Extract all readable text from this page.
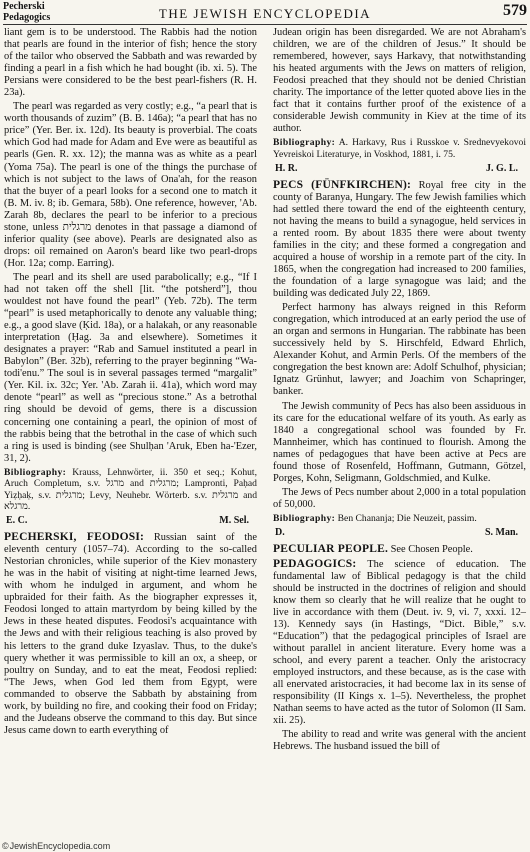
Pecherski
Pedagogics	THE JEWISH ENCYCLOPEDIA	579

liant gem is to be understood. The Rabbis had the notion that pearls are found in the interior of fish; hence the story of the tailor who observed the Sabbath and was rewarded by finding a pearl in a fish which he had bought (ib. xi. 5). The Persians were considered to be the best pearl-fishers (R. H. 23a).

The pearl was regarded as very costly; e.g., “a pearl that is worth thousands of zuzim” (B. B. 146a); “a pearl that has no price” (Yer. Ber. ix. 12d). Its beauty is proverbial. The coats which God had made for Adam and Eve were as beautiful as pearls (Gen. R. xx. 12); the manna was as white as a pearl (Yoma 75a). The pearl is one of the things the purchase of which is not subject to the laws of Ona'ah, for the reason that the buyer of a pearl looks for a second one to match it (B. M. iv. 8; ib. Gemara, 58b). One reference, however, 'Ab. Zarah 8b, declares the pearl to be inferior to a precious stone, unless מרגלית denotes in that passage a diamond of inferior quality (see above). Pearls are designated also as drops: oil remained on Aaron's beard like two pearl-drops (Hor. 12a; comp. Earring).

The pearl and its shell are used parabolically; e.g., “If I had not taken off the shell [lit. “the potsherd”], thou wouldest not have found the pearl” (Yeb. 72b). The term “pearl” is used metaphorically to denote any valuable thing; e.g., a good slave (Ḳid. 18a), or a halakah, or any reasonable interpretation (Ḥag. 3a and elsewhere). Sometimes it designates a prayer: “Rab and Samuel instituted a pearl in Babylon” (Ber. 32b), referring to the prayer beginning “Wa-todi'enu.” The soul is in several passages termed “margalit” (Yer. Kil. ix. 32c; Yer. 'Ab. Zarah ii. 41a), which word may denote “pearl” as well as “precious stone.” As a betrothal ring should be devoid of gems, there is a discussion concerning one containing a pearl, the opinion of most of the rabbis being that the betrothal in the case of which such a ring is used is binding (see Shulḥan 'Aruk, Eben ha-'Ezer, 31, 2).

Bibliography: Krauss, Lehnwörter, ii. 350 et seq.; Kohut, Aruch Completum, s.v. מרגל and מרגלית; Lampronti, Paḥad Yiẓḥaḳ, s.v. מרגלית; Levy, Neuhebr. Wörterb. s.v. מרגלית and מרגלא.
E. C.	M. Sel.

PECHERSKI, FEODOSI: Russian saint of the eleventh century (1057–74). According to the so-called Nestorian chronicles, while superior of the Kiev monastery he was in the habit of visiting at night-time learned Jews, with whom he indulged in argument, and whom he upbraided for their faith. As the biographer expresses it, Feodosi longed to attain martyrdom by being killed by the Jews in these heated disputes. Feodosi's acquaintance with the Jews and with their religious teaching is also proved by his letters to the grand duke Izyaslav. Thus, to the duke's query whether it was permissible to kill an ox, a sheep, or poultry on Sunday, and to eat the meat, Feodosi replied: “The Jews, when God led them from Egypt, were commanded to observe the Sabbath by abstaining from work, by building no fire, and cooking their food on Friday; and the Judeans observe the command to this day. But since Jesus came down to earth everything of

Judean origin has been disregarded. We are not Abraham's children, we are of the children of Jesus.” It should be remembered, however, says Harkavy, that notwithstanding his heated arguments with the Jews on matters of religion, Feodosi preached that they should not be denied Christian charity. The importance of the letter quoted above lies in the fact that it contains further proof of the existence of a considerable Jewish community in Kiev at the time of its author.

Bibliography: A. Harkavy, Rus i Russkoe v. Srednevyekovoi Yevreiskoi Literaturye, in Voskhod, 1881, i. 75.
H. R.	J. G. L.

PECS (FÜNFKIRCHEN): Royal free city in the county of Baranya, Hungary. The few Jewish families which had settled there toward the end of the eighteenth century, not having the means to build a synagogue, held services in a rented room. By about 1835 there were about twenty families in the city; and these formed a congregation and acquired a house of worship in a remote part of the city. In 1865, when the congregation had increased to 200 families, the foundation of a large synagogue was laid; and the building was dedicated July 22, 1869.

Perfect harmony has always reigned in this Reform congregation, which introduced at an early period the use of an organ and sermons in Hungarian. The rabbinate has been successively held by S. Hirschfeld, Edward Ehrlich, Alexander Kohut, and Armin Perls. Of the members of the congregation the best known are: Adolf Schulhof, physician; Ignatz Grünhut, lawyer; and Joachim von Schapringer, banker.

The Jewish community of Pecs has also been assiduous in its care for the educational welfare of its youth. As early as 1840 a congregational school was founded by Fr. Mannheimer, which has continued to flourish. Among the names of pedagogues that have been active at Pecs are found those of Rosenfeld, Hoffmann, Gutmann, Götzel, Porges, Kohn, Seligmann, Goldschmied, and Kulke.

The Jews of Pecs number about 2,000 in a total population of 50,000.

Bibliography: Ben Chananja; Die Neuzeit, passim.
D.	S. Man.

PECULIAR PEOPLE. See Chosen People.

PEDAGOGICS: The science of education. The fundamental law of Biblical pedagogy is that the child should be instructed in the doctrines of religion and should know them so clearly that he will realize that he ought to live in accordance with them (Deut. iv. 9, vi. 7, xxxi. 12–13). Kennedy says (in Hastings, “Dict. Bible,” s.v. “Education”) that the pedagogical principles of Israel are without parallel in ancient literature. Every home was a school, and every parent a teacher. Only the aristocracy employed instructors, and these because, as is the case with all enervated aristocracies, it had become lax in its sense of responsibility (II Kings x. 1–5). Nevertheless, the prophet Nathan seems to have acted as the tutor of Solomon (II Sam. xii. 25).

The ability to read and write was general with the ancient Hebrews. The husband issued the bill of

©JewishEncyclopedia.com
